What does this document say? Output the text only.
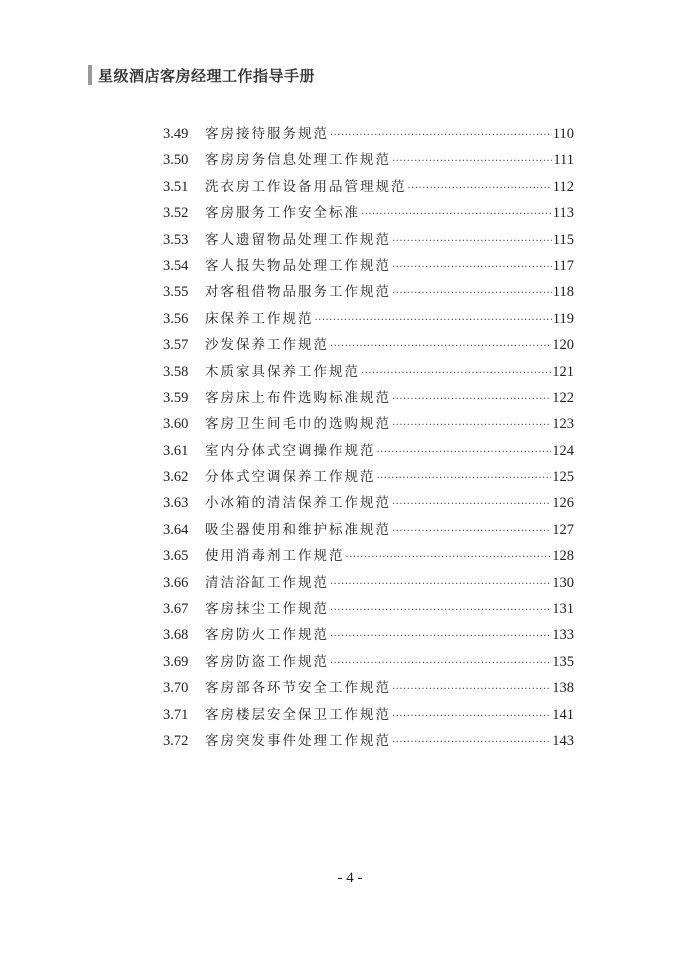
星级酒店客房经理工作指导手册
3.49	客房接待服务规范 ·····	110
3.50	客房房务信息处理工作规范 ·····	111
3.51	洗衣房工作设备用品管理规范 ·····	112
3.52	客房服务工作安全标准 ·····	113
3.53	客人遗留物品处理工作规范 ·····	115
3.54	客人报失物品处理工作规范 ·····	117
3.55	对客租借物品服务工作规范 ·····	118
3.56	床保养工作规范 ·····	119
3.57	沙发保养工作规范 ·····	120
3.58	木质家具保养工作规范 ·····	121
3.59	客房床上布件选购标准规范 ·····	122
3.60	客房卫生间毛巾的选购规范 ·····	123
3.61	室内分体式空调操作规范 ·····	124
3.62	分体式空调保养工作规范 ·····	125
3.63	小冰箱的清洁保养工作规范 ·····	126
3.64	吸尘器使用和维护标准规范 ·····	127
3.65	使用消毒剂工作规范 ·····	128
3.66	清洁浴缸工作规范 ·····	130
3.67	客房抹尘工作规范 ·····	131
3.68	客房防火工作规范 ·····	133
3.69	客房防盗工作规范 ·····	135
3.70	客房部各环节安全工作规范 ·····	138
3.71	客房楼层安全保卫工作规范 ·····	141
3.72	客房突发事件处理工作规范 ·····	143
- 4 -
